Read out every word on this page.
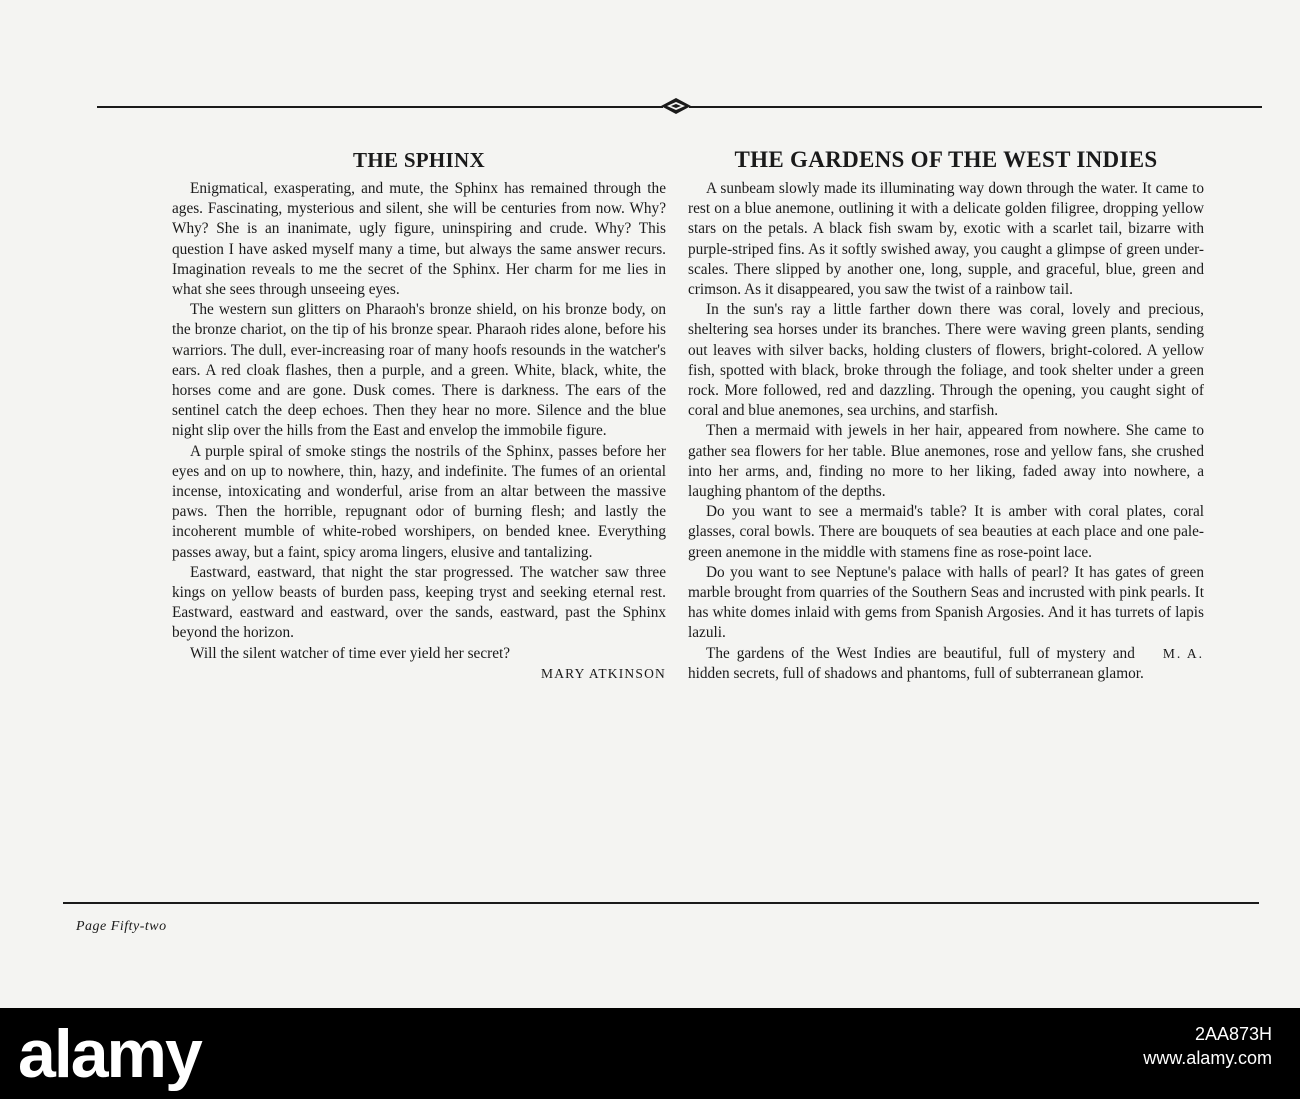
THE SPHINX

Enigmatical, exasperating, and mute, the Sphinx has remained through the ages. Fascinating, mysterious and silent, she will be centuries from now. Why? Why? She is an inanimate, ugly figure, uninspiring and crude. Why? This question I have asked myself many a time, but always the same answer recurs. Imagination reveals to me the secret of the Sphinx. Her charm for me lies in what she sees through unseeing eyes.

The western sun glitters on Pharaoh's bronze shield, on his bronze body, on the bronze chariot, on the tip of his bronze spear. Pharaoh rides alone, before his warriors. The dull, ever-increasing roar of many hoofs resounds in the watcher's ears. A red cloak flashes, then a purple, and a green. White, black, white, the horses come and are gone. Dusk comes. There is darkness. The ears of the sentinel catch the deep echoes. Then they hear no more. Silence and the blue night slip over the hills from the East and envelop the immobile figure.

A purple spiral of smoke stings the nostrils of the Sphinx, passes before her eyes and on up to nowhere, thin, hazy, and indefinite. The fumes of an oriental incense, intoxicating and wonderful, arise from an altar between the massive paws. Then the horrible, repugnant odor of burning flesh; and lastly the incoherent mumble of white-robed worshipers, on bended knee. Everything passes away, but a faint, spicy aroma lingers, elusive and tantalizing.

Eastward, eastward, that night the star progressed. The watcher saw three kings on yellow beasts of burden pass, keeping tryst and seeking eternal rest. Eastward, eastward and eastward, over the sands, eastward, past the Sphinx beyond the horizon.

Will the silent watcher of time ever yield her secret?

MARY ATKINSON
THE GARDENS OF THE WEST INDIES

A sunbeam slowly made its illuminating way down through the water. It came to rest on a blue anemone, outlining it with a delicate golden filigree, dropping yellow stars on the petals. A black fish swam by, exotic with a scarlet tail, bizarre with purple-striped fins. As it softly swished away, you caught a glimpse of green under-scales. There slipped by another one, long, supple, and graceful, blue, green and crimson. As it disappeared, you saw the twist of a rainbow tail.

In the sun's ray a little farther down there was coral, lovely and precious, sheltering sea horses under its branches. There were waving green plants, sending out leaves with silver backs, holding clusters of flowers, bright-colored. A yellow fish, spotted with black, broke through the foliage, and took shelter under a green rock. More followed, red and dazzling. Through the opening, you caught sight of coral and blue anemones, sea urchins, and starfish.

Then a mermaid with jewels in her hair, appeared from nowhere. She came to gather sea flowers for her table. Blue anemones, rose and yellow fans, she crushed into her arms, and, finding no more to her liking, faded away into nowhere, a laughing phantom of the depths.

Do you want to see a mermaid's table? It is amber with coral plates, coral glasses, coral bowls. There are bouquets of sea beauties at each place and one pale-green anemone in the middle with stamens fine as rose-point lace.

Do you want to see Neptune's palace with halls of pearl? It has gates of green marble brought from quarries of the Southern Seas and incrusted with pink pearls. It has white domes inlaid with gems from Spanish Argosies. And it has turrets of lapis lazuli.

M. A.
The gardens of the West Indies are beautiful, full of mystery and hidden secrets, full of shadows and phantoms, full of subterranean glamor.

Page Fifty-two
alamy	2AA873H
www.alamy.com
